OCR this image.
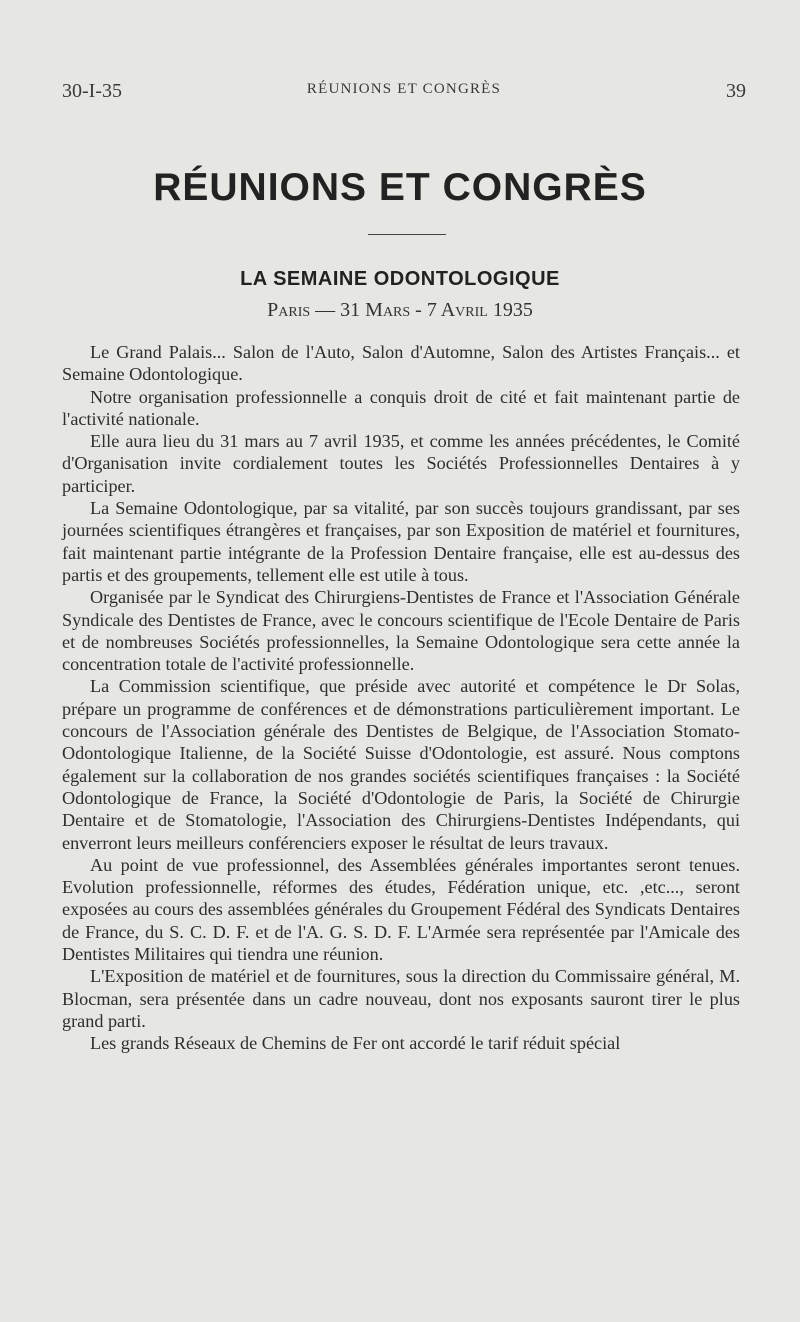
30-I-35	RÉUNIONS ET CONGRÈS	39
RÉUNIONS ET CONGRÈS
LA SEMAINE ODONTOLOGIQUE
Paris — 31 Mars - 7 Avril 1935

Le Grand Palais... Salon de l'Auto, Salon d'Automne, Salon des Artistes Français... et Semaine Odontologique.

Notre organisation professionnelle a conquis droit de cité et fait maintenant partie de l'activité nationale.

Elle aura lieu du 31 mars au 7 avril 1935, et comme les années précédentes, le Comité d'Organisation invite cordialement toutes les Sociétés Professionnelles Dentaires à y participer.

La Semaine Odontologique, par sa vitalité, par son succès toujours grandissant, par ses journées scientifiques étrangères et françaises, par son Exposition de matériel et fournitures, fait maintenant partie intégrante de la Profession Dentaire française, elle est au-dessus des partis et des groupements, tellement elle est utile à tous.

Organisée par le Syndicat des Chirurgiens-Dentistes de France et l'Association Générale Syndicale des Dentistes de France, avec le concours scientifique de l'Ecole Dentaire de Paris et de nombreuses Sociétés professionnelles, la Semaine Odontologique sera cette année la concentration totale de l'activité professionnelle.

La Commission scientifique, que préside avec autorité et compétence le Dr Solas, prépare un programme de conférences et de démonstrations particulièrement important. Le concours de l'Association générale des Dentistes de Belgique, de l'Association Stomato-Odontologique Italienne, de la Société Suisse d'Odontologie, est assuré. Nous comptons également sur la collaboration de nos grandes sociétés scientifiques françaises : la Société Odontologique de France, la Société d'Odontologie de Paris, la Société de Chirurgie Dentaire et de Stomatologie, l'Association des Chirurgiens-Dentistes Indépendants, qui enverront leurs meilleurs conférenciers exposer le résultat de leurs travaux.

Au point de vue professionnel, des Assemblées générales importantes seront tenues. Evolution professionnelle, réformes des études, Fédération unique, etc. ,etc..., seront exposées au cours des assemblées générales du Groupement Fédéral des Syndicats Dentaires de France, du S. C. D. F. et de l'A. G. S. D. F. L'Armée sera représentée par l'Amicale des Dentistes Militaires qui tiendra une réunion.

L'Exposition de matériel et de fournitures, sous la direction du Commissaire général, M. Blocman, sera présentée dans un cadre nouveau, dont nos exposants sauront tirer le plus grand parti.

Les grands Réseaux de Chemins de Fer ont accordé le tarif réduit spécial
